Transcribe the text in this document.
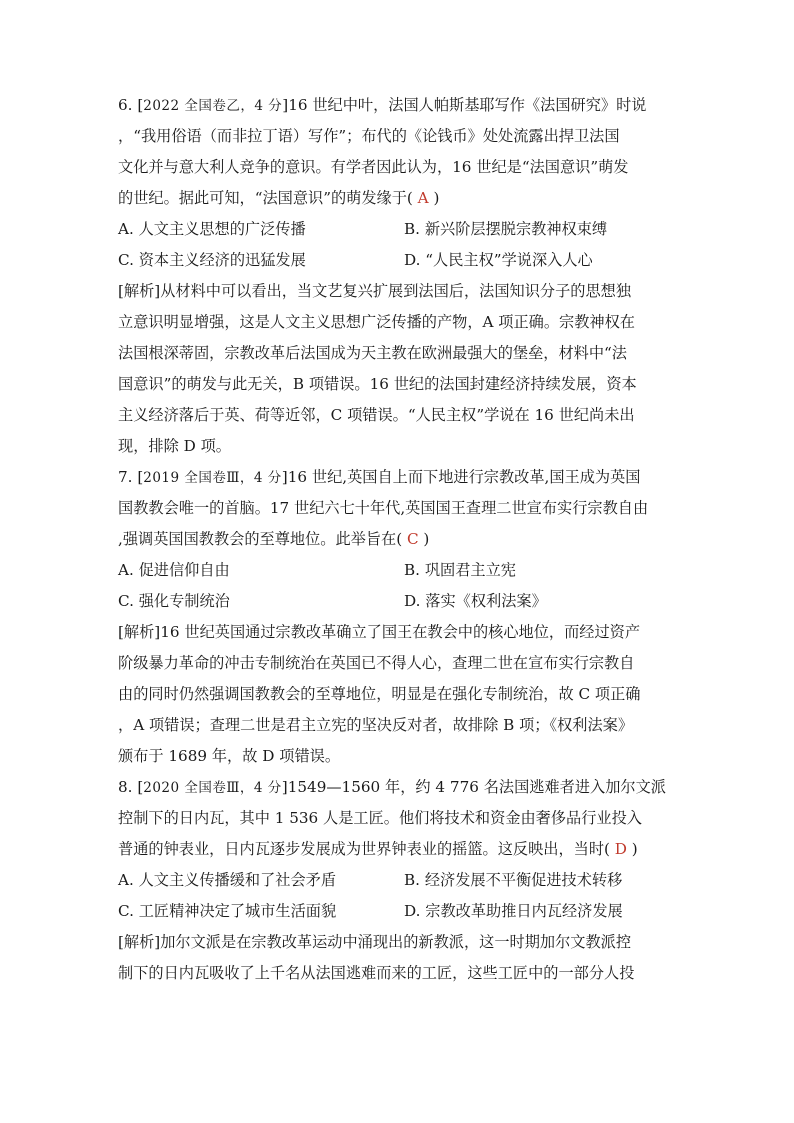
6. [2022 全国卷乙，4 分]16 世纪中叶，法国人帕斯基耶写作《法国研究》时说
，“我用俗语（而非拉丁语）写作”；布代的《论钱币》处处流露出捍卫法国
文化并与意大利人竞争的意识。有学者因此认为，16 世纪是“法国意识”萌发
的世纪。据此可知，“法国意识”的萌发缘于( A )
A. 人文主义思想的广泛传播	B. 新兴阶层摆脱宗教神权束缚
C. 资本主义经济的迅猛发展	D. “人民主权”学说深入人心
[解析]从材料中可以看出，当文艺复兴扩展到法国后，法国知识分子的思想独
立意识明显增强，这是人文主义思想广泛传播的产物，A 项正确。宗教神权在
法国根深蒂固，宗教改革后法国成为天主教在欧洲最强大的堡垒，材料中“法
国意识”的萌发与此无关，B 项错误。16 世纪的法国封建经济持续发展，资本
主义经济落后于英、荷等近邻，C 项错误。“人民主权”学说在 16 世纪尚未出
现，排除 D 项。
7. [2019 全国卷Ⅲ，4 分]16 世纪,英国自上而下地进行宗教改革,国王成为英国
国教教会唯一的首脑。17 世纪六七十年代,英国国王查理二世宣布实行宗教自由
,强调英国国教教会的至尊地位。此举旨在( C )
A. 促进信仰自由	B. 巩固君主立宪
C. 强化专制统治	D. 落实《权利法案》
[解析]16 世纪英国通过宗教改革确立了国王在教会中的核心地位，而经过资产
阶级暴力革命的冲击专制统治在英国已不得人心，查理二世在宣布实行宗教自
由的同时仍然强调国教教会的至尊地位，明显是在强化专制统治，故 C 项正确
，A 项错误；查理二世是君主立宪的坚决反对者，故排除 B 项；《权利法案》
颁布于 1689 年，故 D 项错误。
8. [2020 全国卷Ⅲ，4 分]1549—1560 年，约 4 776 名法国逃难者进入加尔文派
控制下的日内瓦，其中 1 536 人是工匠。他们将技术和资金由奢侈品行业投入
普通的钟表业，日内瓦逐步发展成为世界钟表业的摇篮。这反映出，当时( D )
A. 人文主义传播缓和了社会矛盾	B. 经济发展不平衡促进技术转移
C. 工匠精神决定了城市生活面貌	D. 宗教改革助推日内瓦经济发展
[解析]加尔文派是在宗教改革运动中涌现出的新教派，这一时期加尔文教派控
制下的日内瓦吸收了上千名从法国逃难而来的工匠，这些工匠中的一部分人投
